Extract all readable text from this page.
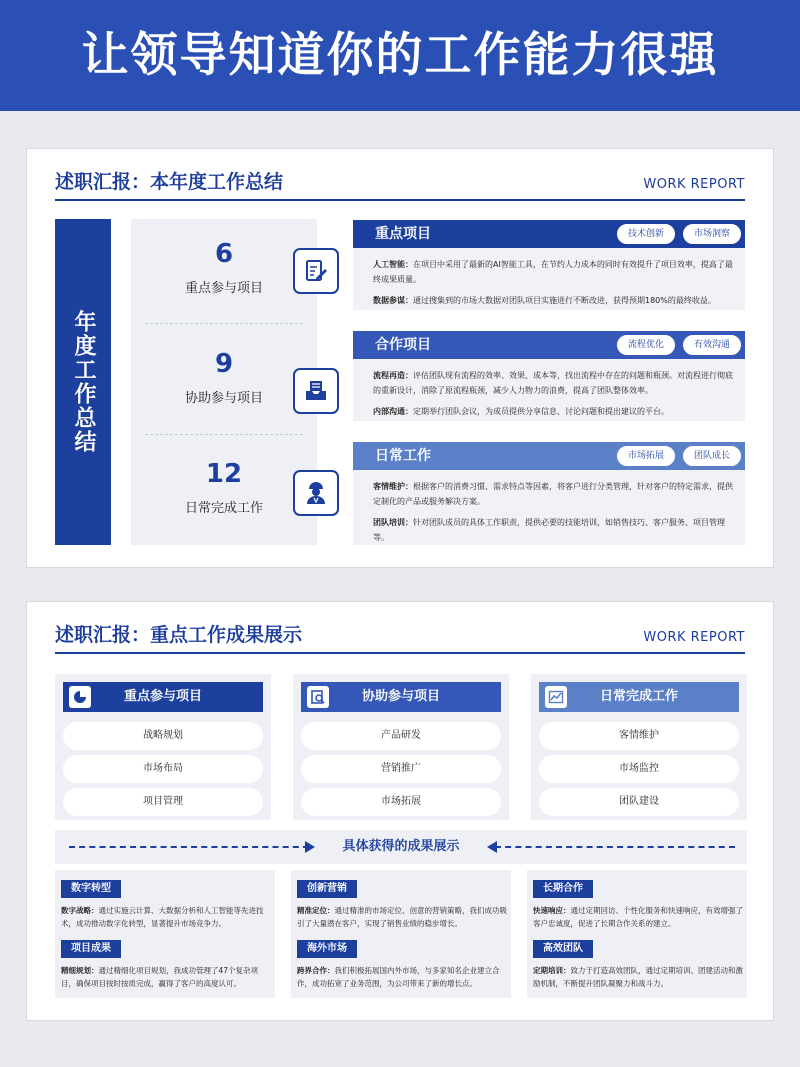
让领导知道你的工作能力很强
述职汇报：本年度工作总结	WORK REPORT
年度工作总结
6
重点参与项目
9
协助参与项目
12
日常完成工作
重点项目	技术创新	市场洞察

人工智能：在项目中采用了最新的AI智能工具，在节约人力成本的同时有效提升了项目效率，提高了最终成果质量。

数据参谋：通过搜集到的市场大数据对团队项目实施进行不断改进，获得预期180%的最终收益。

合作项目	流程优化	有效沟通

流程再造：评估团队现有流程的效率、效果、成本等，找出流程中存在的问题和瓶颈。对流程进行彻底的重新设计，消除了原流程瓶颈，减少人力物力的浪费，提高了团队整体效率。

内部沟通：定期举行团队会议，为成员提供分享信息、讨论问题和提出建议的平台。

日常工作	市场拓展	团队成长

客情维护：根据客户的消费习惯、需求特点等因素，将客户进行分类管理，针对客户的特定需求，提供定制化的产品或服务解决方案。

团队培训：针对团队成员的具体工作职责，提供必要的技能培训，如销售技巧、客户服务、项目管理等。

述职汇报：重点工作成果展示	WORK REPORT
重点参与项目
战略规划
市场布局
项目管理
协助参与项目
产品研发
营销推广
市场拓展
日常完成工作
客情维护
市场监控
团队建设
具体获得的成果展示
数字转型
数字战略：通过实施云计算、大数据分析和人工智能等先进技术，成功推动数字化转型，显著提升市场竞争力。
项目成果
精细规划：通过精细化项目规划，我成功管理了47个复杂项目，确保项目按时按质完成，赢得了客户的高度认可。
创新营销
精准定位：通过精准的市场定位、创意的营销策略，我们成功吸引了大量潜在客户，实现了销售业绩的稳步增长。
海外市场
跨界合作：我们积极拓展国内外市场，与多家知名企业建立合作，成功拓宽了业务范围，为公司带来了新的增长点。
长期合作
快速响应：通过定期回访、个性化服务和快速响应，有效增强了客户忠诚度，促进了长期合作关系的建立。
高效团队
定期培训：致力于打造高效团队，通过定期培训、团建活动和激励机制，不断提升团队凝聚力和战斗力。
